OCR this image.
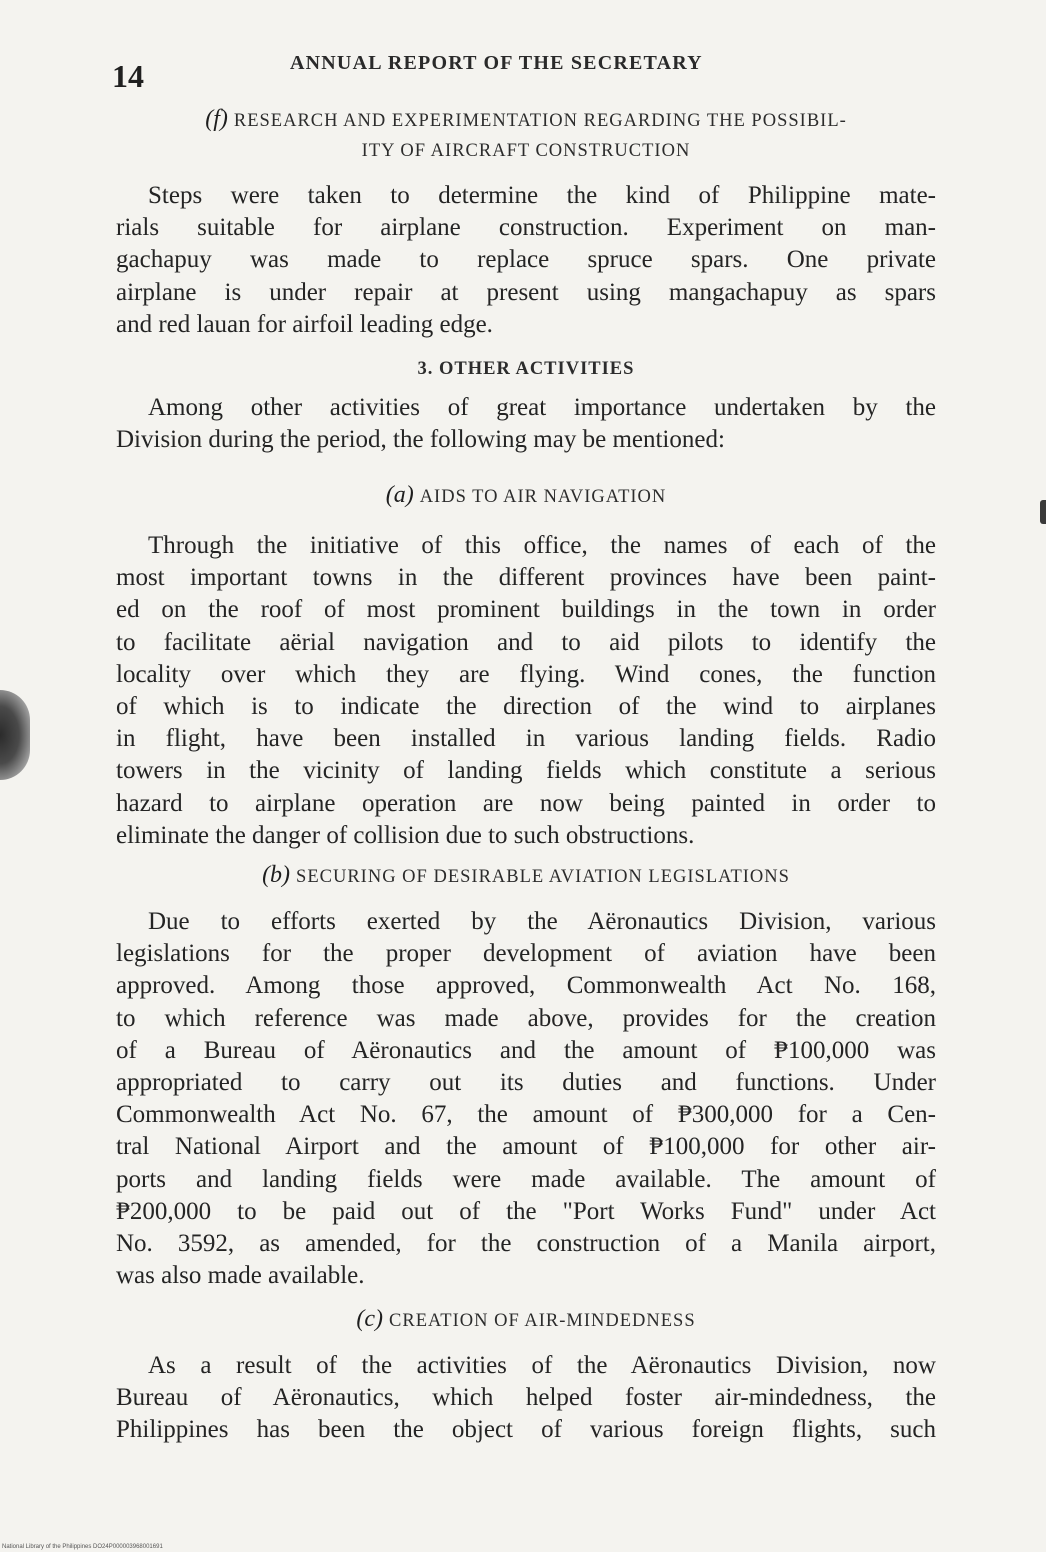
14	ANNUAL REPORT OF THE SECRETARY
(f) RESEARCH AND EXPERIMENTATION REGARDING THE POSSIBIL-
ITY OF AIRCRAFT CONSTRUCTION

Steps were taken to determine the kind of Philippine mate-
rials suitable for airplane construction. Experiment on man-
gachapuy was made to replace spruce spars. One private
airplane is under repair at present using mangachapuy as spars
and red lauan for airfoil leading edge.

3. OTHER ACTIVITIES

Among other activities of great importance undertaken by the
Division during the period, the following may be mentioned:

(a) AIDS TO AIR NAVIGATION

Through the initiative of this office, the names of each of the
most important towns in the different provinces have been paint-
ed on the roof of most prominent buildings in the town in order
to facilitate aërial navigation and to aid pilots to identify the
locality over which they are flying. Wind cones, the function
of which is to indicate the direction of the wind to airplanes
in flight, have been installed in various landing fields. Radio
towers in the vicinity of landing fields which constitute a serious
hazard to airplane operation are now being painted in order to
eliminate the danger of collision due to such obstructions.

(b) SECURING OF DESIRABLE AVIATION LEGISLATIONS

Due to efforts exerted by the Aëronautics Division, various
legislations for the proper development of aviation have been
approved. Among those approved, Commonwealth Act No. 168,
to which reference was made above, provides for the creation
of a Bureau of Aëronautics and the amount of ₱100,000 was
appropriated to carry out its duties and functions. Under
Commonwealth Act No. 67, the amount of ₱300,000 for a Cen-
tral National Airport and the amount of ₱100,000 for other air-
ports and landing fields were made available. The amount of
₱200,000 to be paid out of the "Port Works Fund" under Act
No. 3592, as amended, for the construction of a Manila airport,
was also made available.

(c) CREATION OF AIR-MINDEDNESS

As a result of the activities of the Aëronautics Division, now
Bureau of Aëronautics, which helped foster air-mindedness, the
Philippines has been the object of various foreign flights, such

National Library of the Philippines DO24P000003968001691
